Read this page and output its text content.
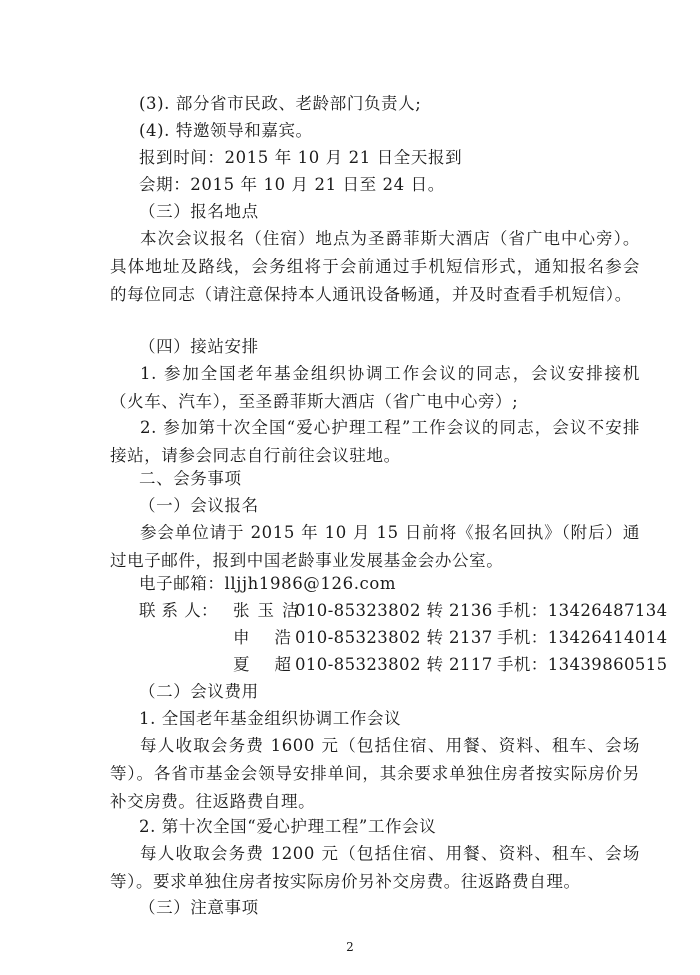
(3). 部分省市民政、老龄部门负责人;
(4). 特邀领导和嘉宾。
报到时间：2015 年 10 月 21 日全天报到
会期：2015 年 10 月 21 日至 24 日。
（三）报名地点
本次会议报名（住宿）地点为圣爵菲斯大酒店（省广电中心旁）。具体地址及路线，会务组将于会前通过手机短信形式，通知报名参会的每位同志（请注意保持本人通讯设备畅通，并及时查看手机短信）。
（四）接站安排
1. 参加全国老年基金组织协调工作会议的同志，会议安排接机（火车、汽车），至圣爵菲斯大酒店（省广电中心旁）;
2. 参加第十次全国“爱心护理工程”工作会议的同志，会议不安排接站，请参会同志自行前往会议驻地。
二、会务事项
（一）会议报名
参会单位请于 2015 年 10 月 15 日前将《报名回执》（附后）通过电子邮件，报到中国老龄事业发展基金会办公室。
电子邮箱：lljjh1986@126.com
联 系 人： 张玉洁010-85323802 转 2136 手机：13426487134
申浩010-85323802 转 2137 手机：13426414014
夏超010-85323802 转 2117 手机：13439860515
（二）会议费用
1. 全国老年基金组织协调工作会议
每人收取会务费 1600 元（包括住宿、用餐、资料、租车、会场等）。各省市基金会领导安排单间，其余要求单独住房者按实际房价另补交房费。往返路费自理。
2. 第十次全国“爱心护理工程”工作会议
每人收取会务费 1200 元（包括住宿、用餐、资料、租车、会场等）。要求单独住房者按实际房价另补交房费。往返路费自理。
（三）注意事项
2
